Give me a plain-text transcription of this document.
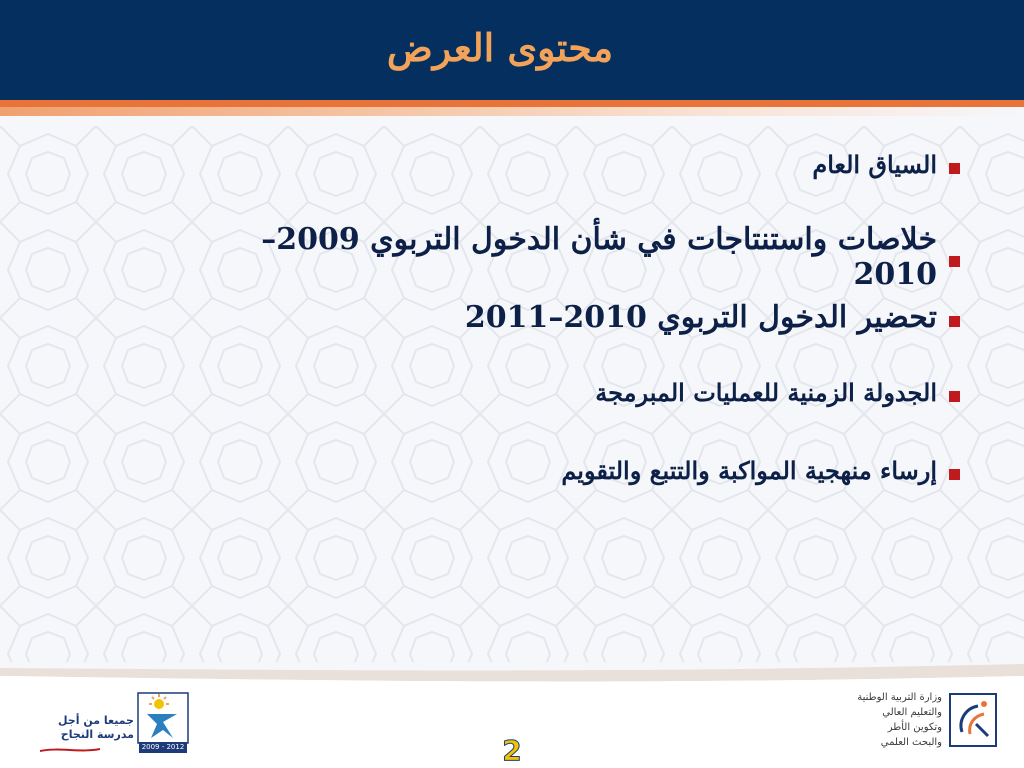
محتوى العرض
السياق العام
خلاصات واستنتاجات في شأن الدخول التربوي 2009–2010
تحضير الدخول التربوي 2010–2011
الجدولة الزمنية للعمليات المبرمجة
إرساء منهجية المواكبة والتتبع والتقويم
وزارة التربية الوطنية
والتعليم العالي
وتكوين الأطر
والبحث العلمي
جميعا من أجل
مدرسة النجاح
2009 - 2012	2
